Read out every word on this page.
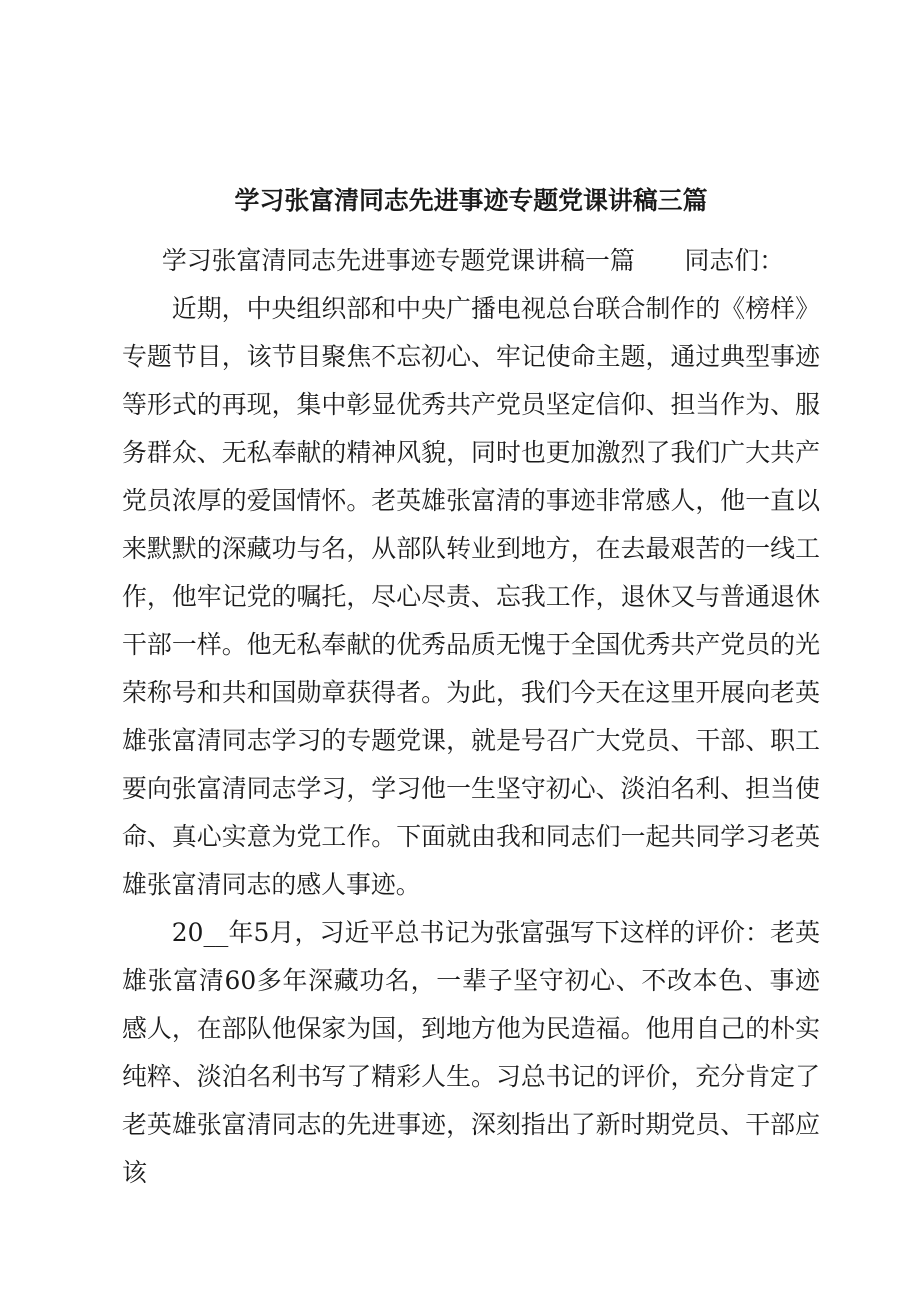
学习张富清同志先进事迹专题党课讲稿三篇

学习张富清同志先进事迹专题党课讲稿一篇　　同志们：

近期，中央组织部和中央广播电视总台联合制作的《榜样》专题节目，该节目聚焦不忘初心、牢记使命主题，通过典型事迹等形式的再现，集中彰显优秀共产党员坚定信仰、担当作为、服务群众、无私奉献的精神风貌，同时也更加激烈了我们广大共产党员浓厚的爱国情怀。老英雄张富清的事迹非常感人，他一直以来默默的深藏功与名，从部队转业到地方，在去最艰苦的一线工作，他牢记党的嘱托，尽心尽责、忘我工作，退休又与普通退休干部一样。他无私奉献的优秀品质无愧于全国优秀共产党员的光荣称号和共和国勋章获得者。为此，我们今天在这里开展向老英雄张富清同志学习的专题党课，就是号召广大党员、干部、职工要向张富清同志学习，学习他一生坚守初心、淡泊名利、担当使命、真心实意为党工作。下面就由我和同志们一起共同学习老英雄张富清同志的感人事迹。

20__年5月，习近平总书记为张富强写下这样的评价：老英雄张富清60多年深藏功名，一辈子坚守初心、不改本色、事迹感人，在部队他保家为国，到地方他为民造福。他用自己的朴实纯粹、淡泊名利书写了精彩人生。习总书记的评价，充分肯定了老英雄张富清同志的先进事迹，深刻指出了新时期党员、干部应该
